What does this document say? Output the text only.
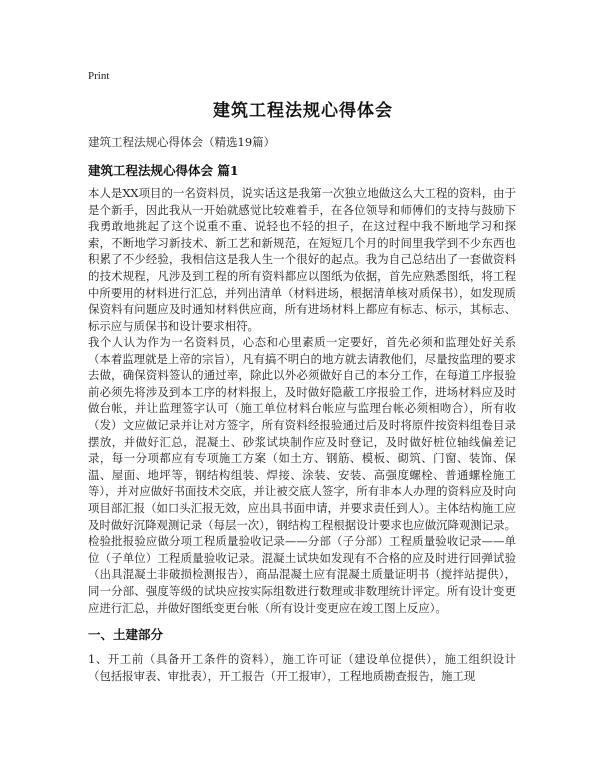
Print
建筑工程法规心得体会
建筑工程法规心得体会（精选19篇）
建筑工程法规心得体会 篇1
本人是XX项目的一名资料员，说实话这是我第一次独立地做这么大工程的资料，由于是个新手，因此我从一开始就感觉比较难着手，在各位领导和师傅们的支持与鼓励下我勇敢地挑起了这个说重不重、说轻也不轻的担子，在这过程中我不断地学习和探索，不断地学习新技术、新工艺和新规范，在短短几个月的时间里我学到不少东西也积累了不少经验，我相信这是我人生一个很好的起点。我为自己总结出了一套做资料的技术规程，凡涉及到工程的所有资料都应以图纸为依据，首先应熟悉图纸，将工程中所要用的材料进行汇总，并列出清单（材料进场，根据清单核对质保书），如发现质保资料有问题应及时通知材料供应商，所有进场材料上都应有标志、标示，其标志、标示应与质保书和设计要求相符。
我个人认为作为一名资料员，心态和心里素质一定要好，首先必须和监理处好关系（本着监理就是上帝的宗旨），凡有搞不明白的地方就去请教他们，尽量按监理的要求去做，确保资料签认的通过率，除此以外必须做好自己的本分工作，在每道工序报验前必须先将涉及到本工序的材料报上，及时做好隐蔽工序报验工作，进场材料应及时做台帐，并让监理签字认可（施工单位材料台帐应与监理台帐必须相吻合），所有收（发）文应做记录并让对方签字，所有资料经报验通过后及时将原件按资料组卷目录摆放，并做好汇总，混凝土、砂浆试块制作应及时登记，及时做好桩位轴线偏差记录，每一分项都应有专项施工方案（如土方、钢筋、模板、砌筑、门窗、装饰、保温、屋面、地坪等，钢结构组装、焊接、涂装、安装、高强度螺栓、普通螺栓施工等），并对应做好书面技术交底，并让被交底人签字，所有非本人办理的资料应及时向项目部汇报（如口头汇报无效，应出具书面申请，并要求责任到人）。主体结构施工应及时做好沉降观测记录（每层一次），钢结构工程根据设计要求也应做沉降观测记录。检验批报验应做分项工程质量验收记录——分部（子分部）工程质量验收记录——单位（子单位）工程质量验收记录。混凝土试块如发现有不合格的应及时进行回弹试验（出具混凝土非破损检测报告），商品混凝土应有混凝土质量证明书（搅拌站提供），同一分部、强度等级的试块应按实际组数进行数理或非数理统计评定。所有设计变更应进行汇总，并做好图纸变更台帐（所有设计变更应在竣工图上反应）。
一、土建部分
1、开工前（具备开工条件的资料），施工许可证（建设单位提供），施工组织设计（包括报审表、审批表），开工报告（开工报审），工程地质勘查报告，施工现
